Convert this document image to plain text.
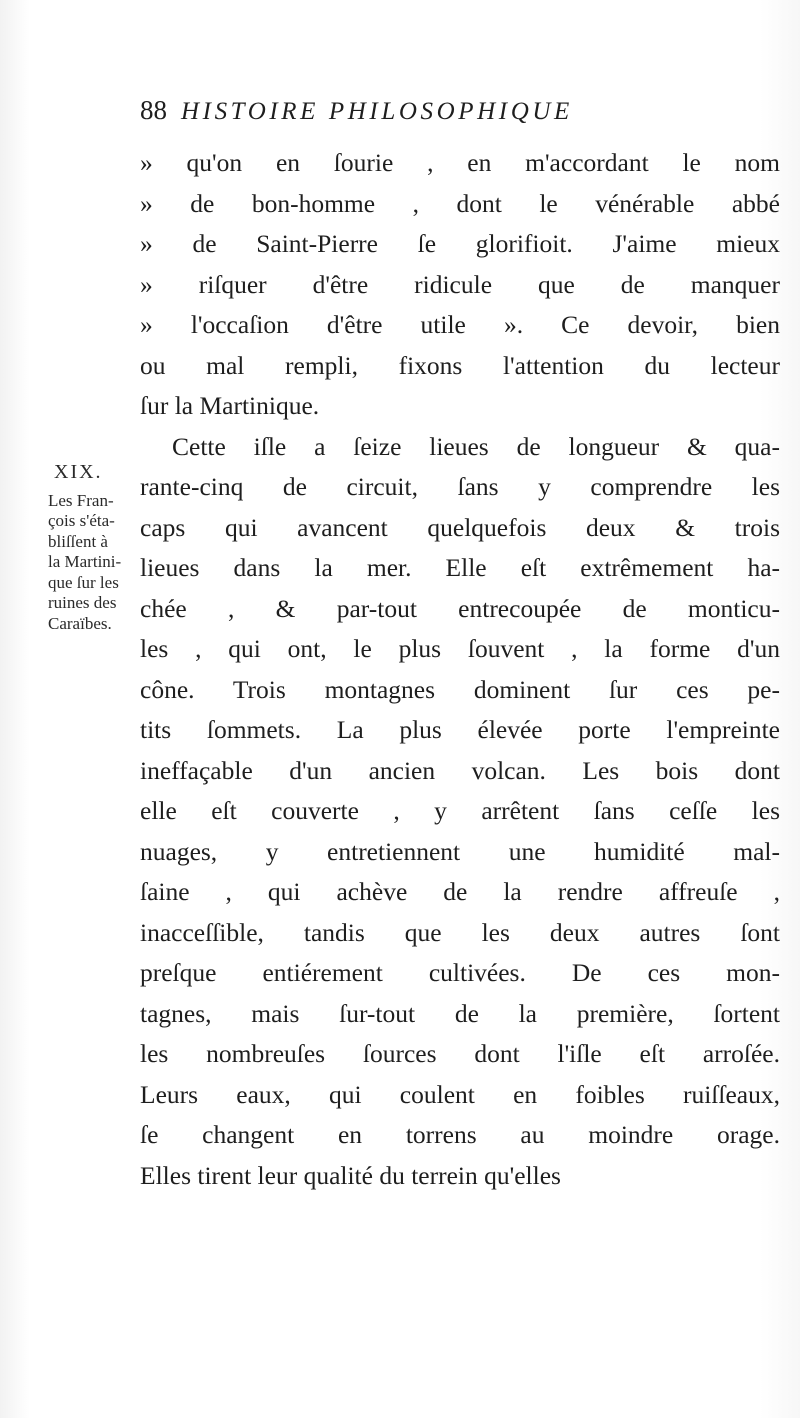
88 HISTOIRE PHILOSOPHIQUE
XIX.
Les Fran-
çois s'éta-
bliſſent à
la Martini-
que ſur les
ruines des
Caraïbes.
» qu'on en ſourie , en m'accordant le nom
» de bon-homme , dont le vénérable abbé
» de Saint-Pierre ſe glorifioit. J'aime mieux
» riſquer d'être ridicule que de manquer
» l'occaſion d'être utile ». Ce devoir, bien
ou mal rempli, fixons l'attention du lecteur
ſur la Martinique.
Cette iſle a ſeize lieues de longueur & qua-
rante-cinq de circuit, ſans y comprendre les
caps qui avancent quelquefois deux & trois
lieues dans la mer. Elle eſt extrêmement ha-
chée , & par-tout entrecoupée de monticu-
les , qui ont, le plus ſouvent , la forme d'un
cône. Trois montagnes dominent ſur ces pe-
tits ſommets. La plus élevée porte l'empreinte
ineffaçable d'un ancien volcan. Les bois dont
elle eſt couverte , y arrêtent ſans ceſſe les
nuages, y entretiennent une humidité mal-
ſaine , qui achève de la rendre affreuſe ,
inacceſſible, tandis que les deux autres ſont
preſque entiérement cultivées. De ces mon-
tagnes, mais ſur-tout de la première, ſortent
les nombreuſes ſources dont l'iſle eſt arroſée.
Leurs eaux, qui coulent en foibles ruiſſeaux,
ſe changent en torrens au moindre orage.
Elles tirent leur qualité du terrein qu'elles
